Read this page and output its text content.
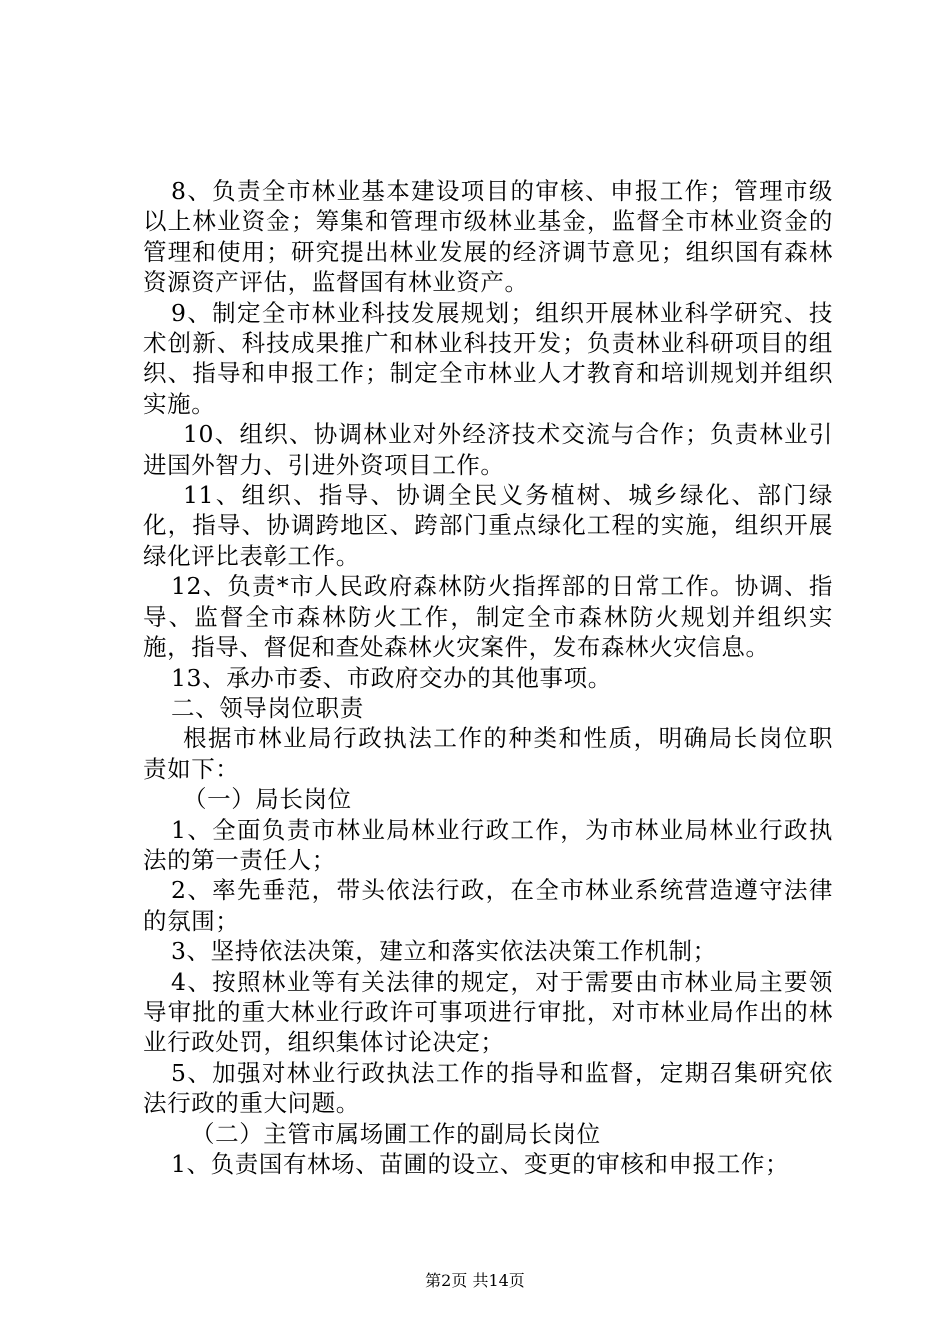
8、负责全市林业基本建设项目的审核、申报工作；管理市级以上林业资金；筹集和管理市级林业基金，监督全市林业资金的管理和使用；研究提出林业发展的经济调节意见；组织国有森林资源资产评估，监督国有林业资产。

9、制定全市林业科技发展规划；组织开展林业科学研究、技术创新、科技成果推广和林业科技开发；负责林业科研项目的组织、指导和申报工作；制定全市林业人才教育和培训规划并组织实施。

10、组织、协调林业对外经济技术交流与合作；负责林业引进国外智力、引进外资项目工作。

11、组织、指导、协调全民义务植树、城乡绿化、部门绿化，指导、协调跨地区、跨部门重点绿化工程的实施，组织开展绿化评比表彰工作。

12、负责*市人民政府森林防火指挥部的日常工作。协调、指导、监督全市森林防火工作，制定全市森林防火规划并组织实施，指导、督促和查处森林火灾案件，发布森林火灾信息。

13、承办市委、市政府交办的其他事项。

二、领导岗位职责

根据市林业局行政执法工作的种类和性质，明确局长岗位职责如下：

（一）局长岗位

1、全面负责市林业局林业行政工作，为市林业局林业行政执法的第一责任人；

2、率先垂范，带头依法行政，在全市林业系统营造遵守法律的氛围；

3、坚持依法决策，建立和落实依法决策工作机制；

4、按照林业等有关法律的规定，对于需要由市林业局主要领导审批的重大林业行政许可事项进行审批，对市林业局作出的林业行政处罚，组织集体讨论决定；

5、加强对林业行政执法工作的指导和监督，定期召集研究依法行政的重大问题。

（二）主管市属场圃工作的副局长岗位

1、负责国有林场、苗圃的设立、变更的审核和申报工作；

第2页 共14页
